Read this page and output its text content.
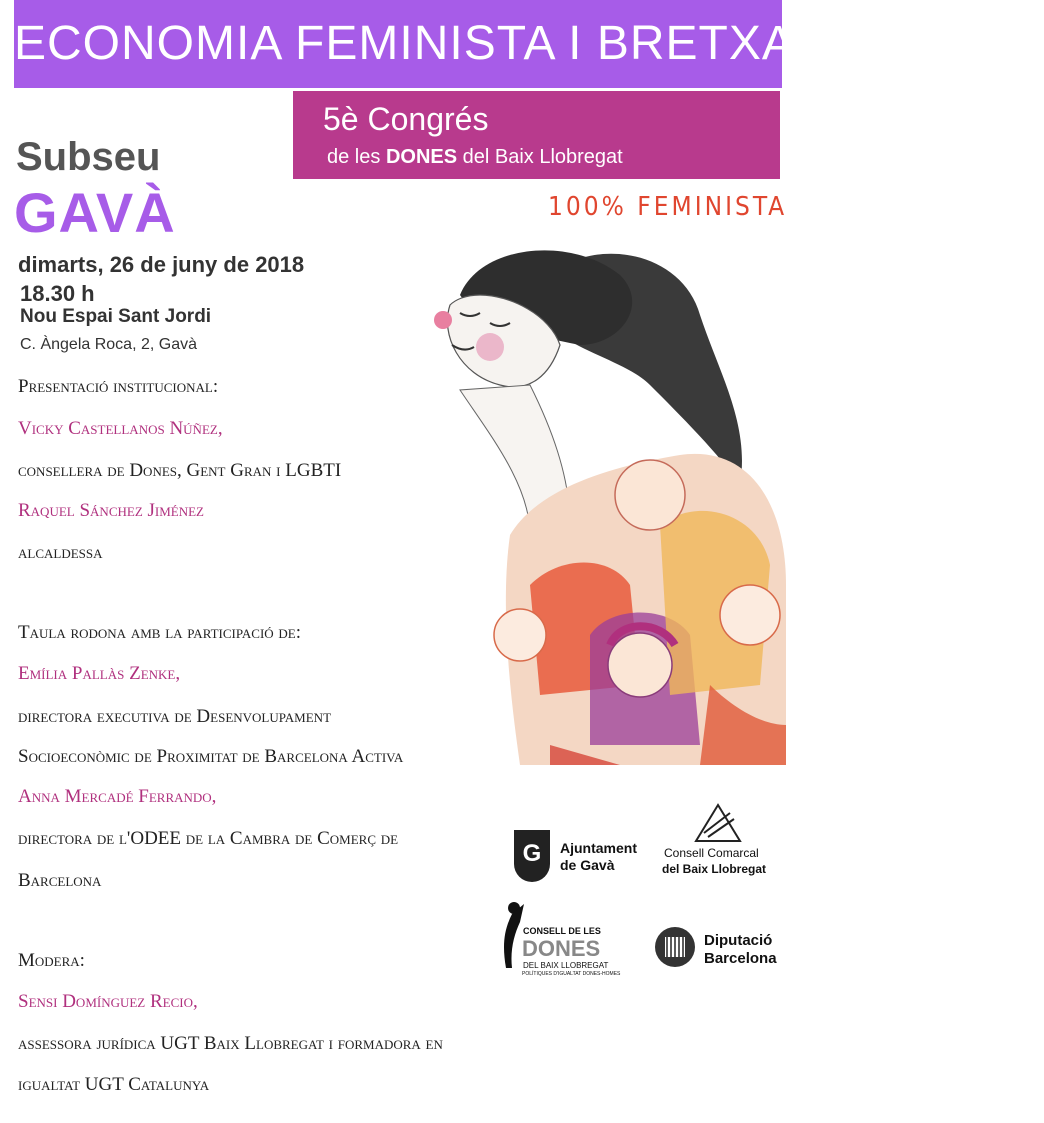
ECONOMIA FEMINISTA I BRETXA SALARIAL
5è Congrés
de les DONES del Baix Llobregat
100% FEMINISTA
Subseu
GAVÀ
dimarts, 26 de juny de 2018
18.30 h
Nou Espai Sant Jordi
C. Àngela Roca, 2, Gavà
Presentació institucional:
Vicky Castellanos Núñez,
consellera de Dones, Gent Gran i LGBTI
Raquel Sánchez Jiménez
alcaldessa
Taula rodona amb la participació de:
Emília Pallàs Zenke,
directora executiva de Desenvolupament
Socioeconòmic de Proximitat de Barcelona Activa
Anna Mercadé Ferrando,
directora de l'ODEE de la Cambra de Comerç de
Barcelona
Modera:
Sensi Domínguez Recio,
assessora jurídica UGT Baix Llobregat i formadora en
igualtat UGT Catalunya
G	Ajuntament
de Gavà
Consell Comarcal
del Baix Llobregat
CONSELL DE LES
DONES
DEL BAIX LLOBREGAT
POLÍTIQUES D'IGUALTAT DONES-HOMES
Diputació
Barcelona
